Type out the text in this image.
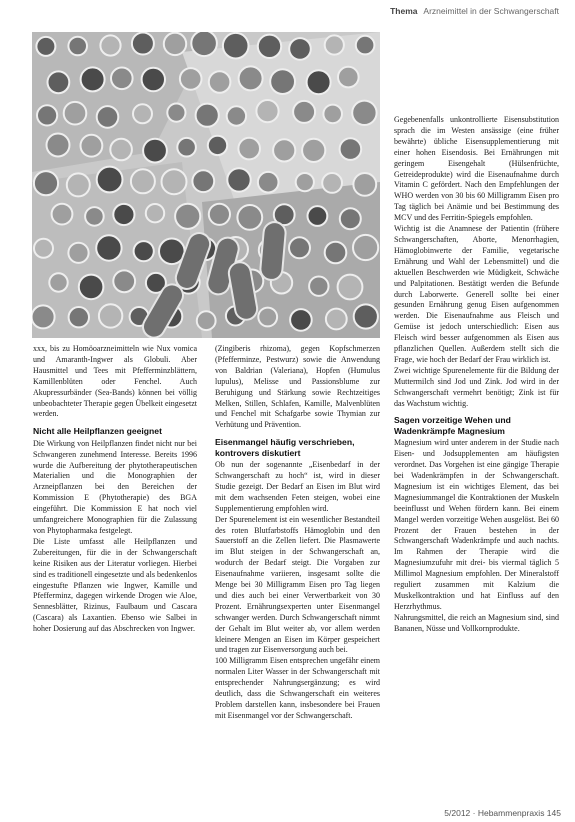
Thema Arzneimittel in der Schwangerschaft

xxx, bis zu Homöoarzneimitteln wie Nux vomica und Amaranth-Ingwer als Globuli. Aber Hausmittel und Tees mit Pfefferminzblättern, Kamillenblüten oder Fenchel. Auch Akupressurbänder (Sea-Bands) können bei völlig unbeobachteter Therapie gegen Übelkeit eingesetzt werden.

Nicht alle Heilpflanzen geeignet

Die Wirkung von Heilpflanzen findet nicht nur bei Schwangeren zunehmend Interesse. Bereits 1996 wurde die Aufbereitung der phytotherapeutischen Materialien und die Monographien der Arzneipflanzen bei den Bereichen der Kommission E (Phytotherapie) des BGA eingeführt. Die Kommission E hat noch viel umfangreichere Monographien für die Zulassung von Phytopharmaka festgelegt.

Die Liste umfasst alle Heilpflanzen und Zubereitungen, für die in der Schwangerschaft keine Risiken aus der Literatur vorliegen. Hierbei sind es traditionell eingesetzte und als bedenkenlos eingestufte Pflanzen wie Ingwer, Kamille und Pfefferminz, dagegen wirkende Drogen wie Aloe, Sennesblätter, Rizinus, Faulbaum und Cascara (Cascara) als Laxantien. Ebenso wie Salbei in hoher Dosierung auf das Abschrecken von Ingwer.

(Zingiberis rhizoma), gegen Kopfschmerzen (Pfefferminze, Pestwurz) sowie die Anwendung von Baldrian (Valeriana), Hopfen (Humulus lupulus), Melisse und Passionsblume zur Beruhigung und Stärkung sowie Rechtzeitiges Melken, Stillen, Schlafen, Kamille, Malvenblüten und Fenchel mit Schafgarbe sowie Thymian zur Verhütung und Prävention.

Eisenmangel häufig verschrieben, kontrovers diskutiert

Ob nun der sogenannte „Eisenbedarf in der Schwangerschaft zu hoch“ ist, wird in dieser Studie gezeigt. Der Bedarf an Eisen im Blut wird mit dem wachsenden Feten steigen, wobei eine Supplementierung empfohlen wird.

Der Spurenelement ist ein wesentlicher Bestandteil des roten Blutfarbstoffs Hämoglobin und den Sauerstoff an die Zellen liefert. Die Plasmawerte im Blut steigen in der Schwangerschaft an, wodurch der Bedarf steigt. Die Vorgaben zur Eisenaufnahme variieren, insgesamt sollte die Menge bei 30 Milligramm Eisen pro Tag liegen und dies auch bei einer Verwertbarkeit von 30 Prozent. Ernährungsexperten unter Eisenmangel schwanger werden. Durch Schwangerschaft nimmt der Gehalt im Blut weiter ab, vor allem werden kleinere Mengen an Eisen im Körper gespeichert und tragen zur Eisenversorgung auch bei.

100 Milligramm Eisen entsprechen ungefähr einem normalen Liter Wasser in der Schwangerschaft mit entsprechender Nahrungsergänzung; es wird deutlich, dass die Schwangerschaft ein weiteres Problem darstellen kann, insbesondere bei Frauen mit Eisenmangel vor der Schwangerschaft.

Gegebenenfalls unkontrollierte Eisensubstitution sprach die im Westen ansässige (eine früher bewährte) übliche Eisensupplementierung mit einer hohen Eisendosis. Bei Ernährungen mit geringem Eisengehalt (Hülsenfrüchte, Getreideprodukte) wird die Eisenaufnahme durch Vitamin C gefördert. Nach den Empfehlungen der WHO werden von 30 bis 60 Milligramm Eisen pro Tag täglich bei Anämie und bei Bestimmung des MCV und des Ferritin-Spiegels empfohlen.

Wichtig ist die Anamnese der Patientin (frühere Schwangerschaften, Aborte, Menorrhagien, Hämoglobinwerte der Familie, vegetarische Ernährung und Wahl der Lebensmittel) und die aktuellen Beschwerden wie Müdigkeit, Schwäche und Palpitationen. Bestätigt werden die Befunde durch Laborwerte. Generell sollte bei einer gesunden Ernährung genug Eisen aufgenommen werden. Die Eisenaufnahme aus Fleisch und Gemüse ist jedoch unterschiedlich: Eisen aus Fleisch wird besser aufgenommen als Eisen aus pflanzlichen Quellen. Außerdem stellt sich die Frage, wie hoch der Bedarf der Frau wirklich ist.

Zwei wichtige Spurenelemente für die Bildung der Muttermilch sind Jod und Zink. Jod wird in der Schwangerschaft vermehrt benötigt; Zink ist für das Wachstum wichtig.

Sagen vorzeitige Wehen und Wadenkrämpfe Magnesium

Magnesium wird unter anderem in der Studie nach Eisen- und Jodsupplementen am häufigsten verordnet. Das Vorgehen ist eine gängige Therapie bei Wadenkrämpfen in der Schwangerschaft. Magnesium ist ein wichtiges Element, das bei Magnesiummangel die Kontraktionen der Muskeln beeinflusst und Wehen fördern kann. Bei einem Mangel werden vorzeitige Wehen ausgelöst. Bei 60 Prozent der Frauen bestehen in der Schwangerschaft Wadenkrämpfe und auch nachts. Im Rahmen der Therapie wird die Magnesiumzufuhr mit drei- bis viermal täglich 5 Millimol Magnesium empfohlen. Der Mineralstoff reguliert zusammen mit Kalzium die Muskelkontraktion und hat Einfluss auf den Herzrhythmus.

Nahrungsmittel, die reich an Magnesium sind, sind Bananen, Nüsse und Vollkornprodukte.

5/2012 · Hebammenpraxis 145
